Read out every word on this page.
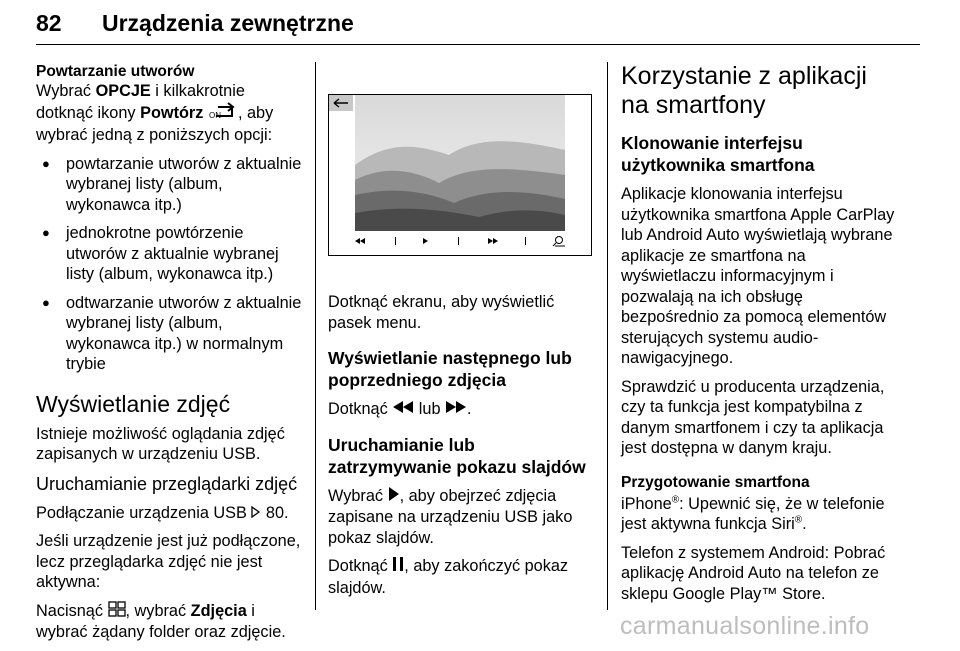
82 Urządzenia zewnętrzne

Powtarzanie utworów

Wybrać OPCJE i kilkakrotnie dotknąć ikony Powtórz ON , aby wybrać jedną z poniższych opcji:

● powtarzanie utworów z aktualnie wybranej listy (album, wykonawca itp.)
● jednokrotne powtórzenie utworów z aktualnie wybranej listy (album, wykonawca itp.)
● odtwarzanie utworów z aktualnie wybranej listy (album, wykonawca itp.) w normalnym trybie
Wyświetlanie zdjęć

Istnieje możliwość oglądania zdjęć zapisanych w urządzeniu USB.

Uruchamianie przeglądarki zdjęć

Podłączanie urządzenia USB  80.

Jeśli urządzenie jest już podłączone, lecz przeglądarka zdjęć nie jest aktywna:

Nacisnąć , wybrać Zdjęcia i wybrać żądany folder oraz zdjęcie.

Dotknąć ekranu, aby wyświetlić pasek menu.

Wyświetlanie następnego lub poprzedniego zdjęcia

Dotknąć  lub .

Uruchamianie lub zatrzymywanie pokazu slajdów

Wybrać , aby obejrzeć zdjęcia zapisane na urządzeniu USB jako pokaz slajdów.

Dotknąć , aby zakończyć pokaz slajdów.

Korzystanie z aplikacji na smartfony
Klonowanie interfejsu użytkownika smartfona

Aplikacje klonowania interfejsu użytkownika smartfona Apple CarPlay lub Android Auto wyświetlają wybrane aplikacje ze smartfona na wyświetlaczu informacyjnym i pozwalają na ich obsługę bezpośrednio za pomocą elementów sterujących systemu audio-nawigacyjnego.

Sprawdzić u producenta urządzenia, czy ta funkcja jest kompatybilna z danym smartfonem i czy ta aplikacja jest dostępna w danym kraju.

Przygotowanie smartfona

iPhone®: Upewnić się, że w telefonie jest aktywna funkcja Siri®.

Telefon z systemem Android: Pobrać aplikację Android Auto na telefon ze sklepu Google Play™ Store.

carmanualsonline.info
